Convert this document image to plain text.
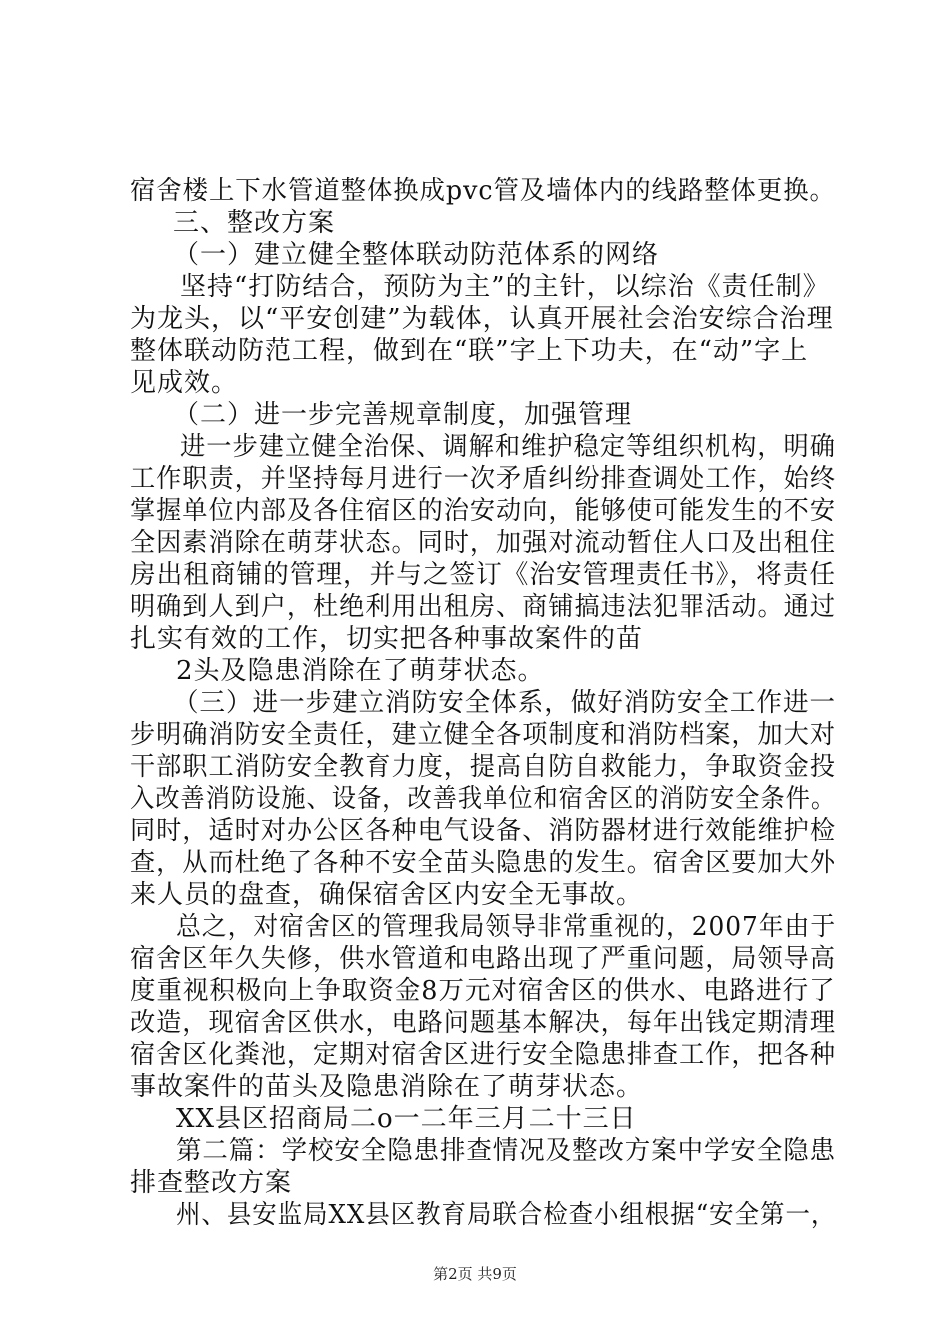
宿舍楼上下水管道整体换成pvc管及墙体内的线路整体更换。
三、整改方案
（一）建立健全整体联动防范体系的网络
坚持“打防结合，预防为主”的主针，以综治《责任制》
为龙头，以“平安创建”为载体，认真开展社会治安综合治理
整体联动防范工程，做到在“联”字上下功夫，在“动”字上
见成效。
（二）进一步完善规章制度，加强管理
进一步建立健全治保、调解和维护稳定等组织机构，明确
工作职责，并坚持每月进行一次矛盾纠纷排查调处工作，始终
掌握单位内部及各住宿区的治安动向，能够使可能发生的不安
全因素消除在萌芽状态。同时，加强对流动暂住人口及出租住
房出租商铺的管理，并与之签订《治安管理责任书》，将责任
明确到人到户，杜绝利用出租房、商铺搞违法犯罪活动。通过
扎实有效的工作，切实把各种事故案件的苗
2头及隐患消除在了萌芽状态。
（三）进一步建立消防安全体系，做好消防安全工作进一
步明确消防安全责任，建立健全各项制度和消防档案，加大对
干部职工消防安全教育力度，提高自防自救能力，争取资金投
入改善消防设施、设备，改善我单位和宿舍区的消防安全条件。
同时，适时对办公区各种电气设备、消防器材进行效能维护检
查，从而杜绝了各种不安全苗头隐患的发生。宿舍区要加大外
来人员的盘查，确保宿舍区内安全无事故。
总之，对宿舍区的管理我局领导非常重视的，2007年由于
宿舍区年久失修，供水管道和电路出现了严重问题，局领导高
度重视积极向上争取资金8万元对宿舍区的供水、电路进行了
改造，现宿舍区供水，电路问题基本解决，每年出钱定期清理
宿舍区化粪池，定期对宿舍区进行安全隐患排查工作，把各种
事故案件的苗头及隐患消除在了萌芽状态。
XX县区招商局二o一二年三月二十三日
第二篇：学校安全隐患排查情况及整改方案中学安全隐患
排查整改方案
州、县安监局XX县区教育局联合检查小组根据“安全第一，
第2页 共9页
